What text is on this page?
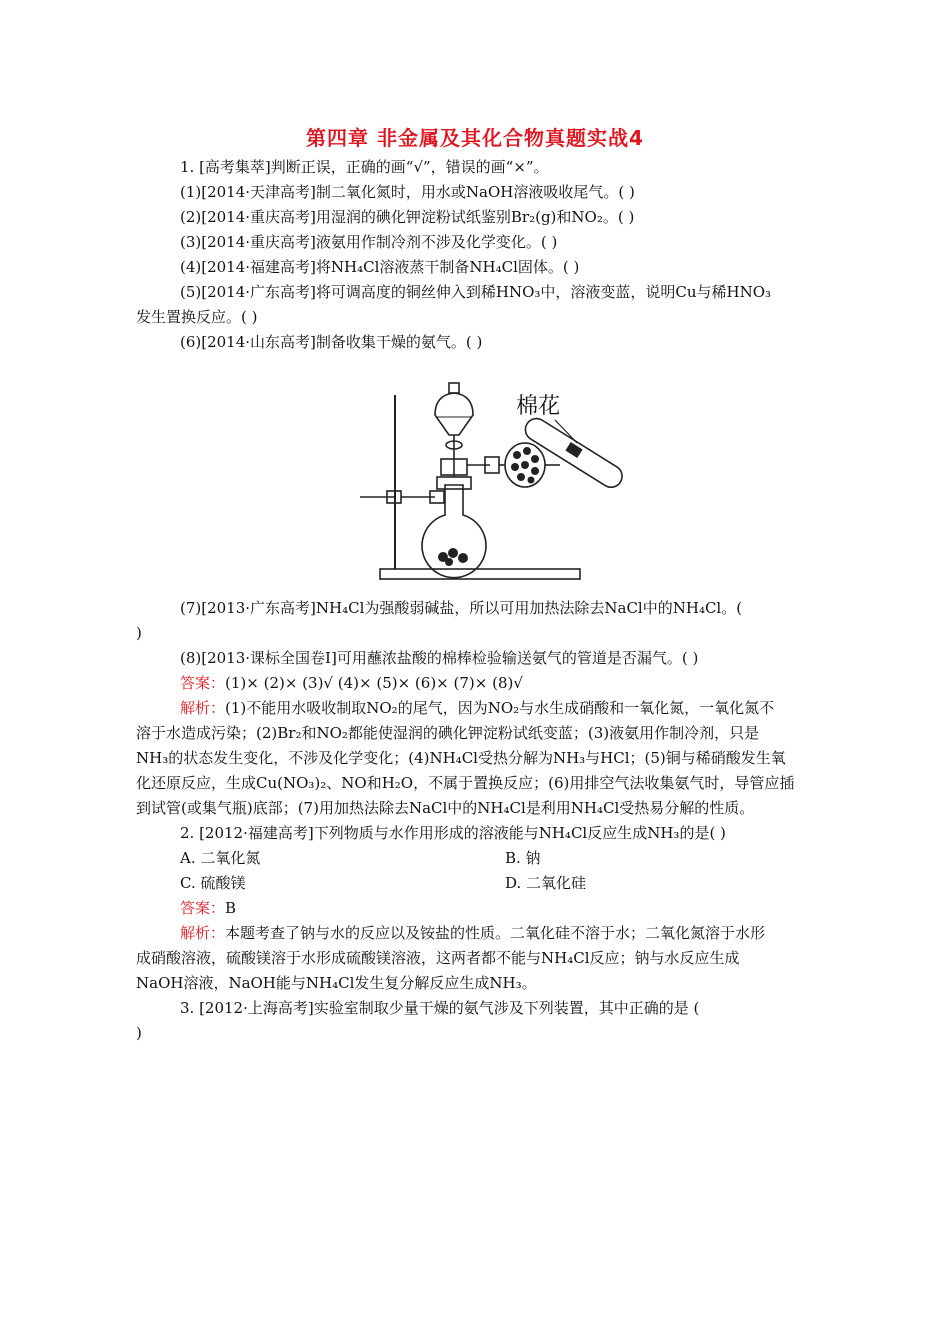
第四章 非金属及其化合物真题实战4
1. [高考集萃]判断正误，正确的画“√”，错误的画“×”。
(1)[2014·天津高考]制二氧化氮时，用水或NaOH溶液吸收尾气。( )
(2)[2014·重庆高考]用湿润的碘化钾淀粉试纸鉴别Br₂(g)和NO₂。( )
(3)[2014·重庆高考]液氨用作制冷剂不涉及化学变化。( )
(4)[2014·福建高考]将NH₄Cl溶液蒸干制备NH₄Cl固体。( )
(5)[2014·广东高考]将可调高度的铜丝伸入到稀HNO₃中，溶液变蓝，说明Cu与稀HNO₃
发生置换反应。( )
(6)[2014·山东高考]制备收集干燥的氨气。( )
棉花
(7)[2013·广东高考]NH₄Cl为强酸弱碱盐，所以可用加热法除去NaCl中的NH₄Cl。(
)
(8)[2013·课标全国卷Ⅰ]可用蘸浓盐酸的棉棒检验输送氨气的管道是否漏气。( )
答案：(1)× (2)× (3)√ (4)× (5)× (6)× (7)× (8)√
解析：(1)不能用水吸收制取NO₂的尾气，因为NO₂与水生成硝酸和一氧化氮，一氧化氮不
溶于水造成污染；(2)Br₂和NO₂都能使湿润的碘化钾淀粉试纸变蓝；(3)液氨用作制冷剂，只是
NH₃的状态发生变化，不涉及化学变化；(4)NH₄Cl受热分解为NH₃与HCl；(5)铜与稀硝酸发生氧
化还原反应，生成Cu(NO₃)₂、NO和H₂O，不属于置换反应；(6)用排空气法收集氨气时，导管应插
到试管(或集气瓶)底部；(7)用加热法除去NaCl中的NH₄Cl是利用NH₄Cl受热易分解的性质。
2. [2012·福建高考]下列物质与水作用形成的溶液能与NH₄Cl反应生成NH₃的是( )
A. 二氧化氮	B. 钠
C. 硫酸镁	D. 二氧化硅
答案：B
解析：本题考查了钠与水的反应以及铵盐的性质。二氧化硅不溶于水；二氧化氮溶于水形
成硝酸溶液，硫酸镁溶于水形成硫酸镁溶液，这两者都不能与NH₄Cl反应；钠与水反应生成
NaOH溶液，NaOH能与NH₄Cl发生复分解反应生成NH₃。
3. [2012·上海高考]实验室制取少量干燥的氨气涉及下列装置，其中正确的是 (
)
